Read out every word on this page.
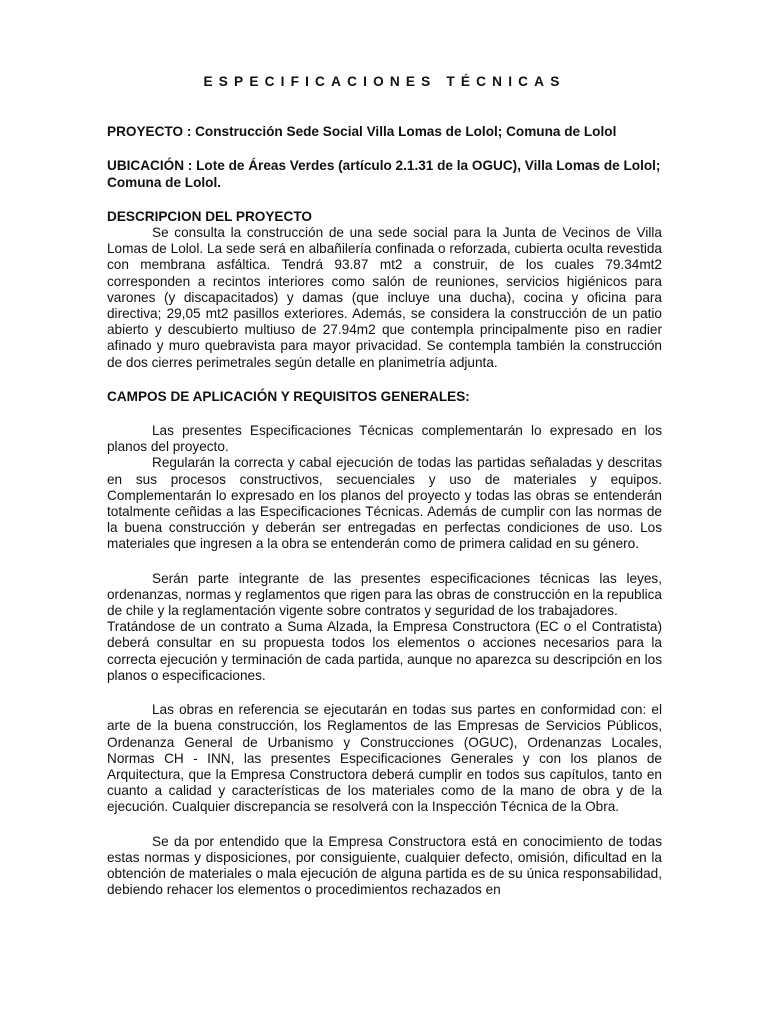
ESPECIFICACIONES TÉCNICAS

PROYECTO : Construcción Sede Social Villa Lomas de Lolol; Comuna de Lolol

UBICACIÓN : Lote de Áreas Verdes (artículo 2.1.31 de la OGUC), Villa Lomas de Lolol; Comuna de Lolol.

DESCRIPCION DEL PROYECTO

Se consulta la construcción de una sede social para la Junta de Vecinos de Villa Lomas de Lolol. La sede será en albañilería confinada o reforzada, cubierta oculta revestida con membrana asfáltica. Tendrá 93.87 mt2 a construir, de los cuales 79.34mt2 corresponden a recintos interiores como salón de reuniones, servicios higiénicos para varones (y discapacitados) y damas (que incluye una ducha), cocina y oficina para directiva; 29,05 mt2 pasillos exteriores. Además, se considera la construcción de un patio abierto y descubierto multiuso de 27.94m2 que contempla principalmente piso en radier afinado y muro quebravista para mayor privacidad. Se contempla también la construcción de dos cierres perimetrales según detalle en planimetría adjunta.

CAMPOS DE APLICACIÓN Y REQUISITOS GENERALES:

Las presentes Especificaciones Técnicas complementarán lo expresado en los planos del proyecto.

Regularán la correcta y cabal ejecución de todas las partidas señaladas y descritas en sus procesos constructivos, secuenciales y uso de materiales y equipos. Complementarán lo expresado en los planos del proyecto y todas las obras se entenderán totalmente ceñidas a las Especificaciones Técnicas. Además de cumplir con las normas de la buena construcción y deberán ser entregadas en perfectas condiciones de uso. Los materiales que ingresen a la obra se entenderán como de primera calidad en su género.

Serán parte integrante de las presentes especificaciones técnicas las leyes, ordenanzas, normas y reglamentos que rigen para las obras de construcción en la republica de chile y la reglamentación vigente sobre contratos y seguridad de los trabajadores.

Tratándose de un contrato a Suma Alzada, la Empresa Constructora (EC o el Contratista) deberá consultar en su propuesta todos los elementos o acciones necesarios para la correcta ejecución y terminación de cada partida, aunque no aparezca su descripción en los planos o especificaciones.

Las obras en referencia se ejecutarán en todas sus partes en conformidad con: el arte de la buena construcción, los Reglamentos de las Empresas de Servicios Públicos, Ordenanza General de Urbanismo y Construcciones (OGUC), Ordenanzas Locales, Normas CH - INN, las presentes Especificaciones Generales y con los planos de Arquitectura, que la Empresa Constructora deberá cumplir en todos sus capítulos, tanto en cuanto a calidad y características de los materiales como de la mano de obra y de la ejecución. Cualquier discrepancia se resolverá con la Inspección Técnica de la Obra.

Se da por entendido que la Empresa Constructora está en conocimiento de todas estas normas y disposiciones, por consiguiente, cualquier defecto, omisión, dificultad en la obtención de materiales o mala ejecución de alguna partida es de su única responsabilidad, debiendo rehacer los elementos o procedimientos rechazados en
